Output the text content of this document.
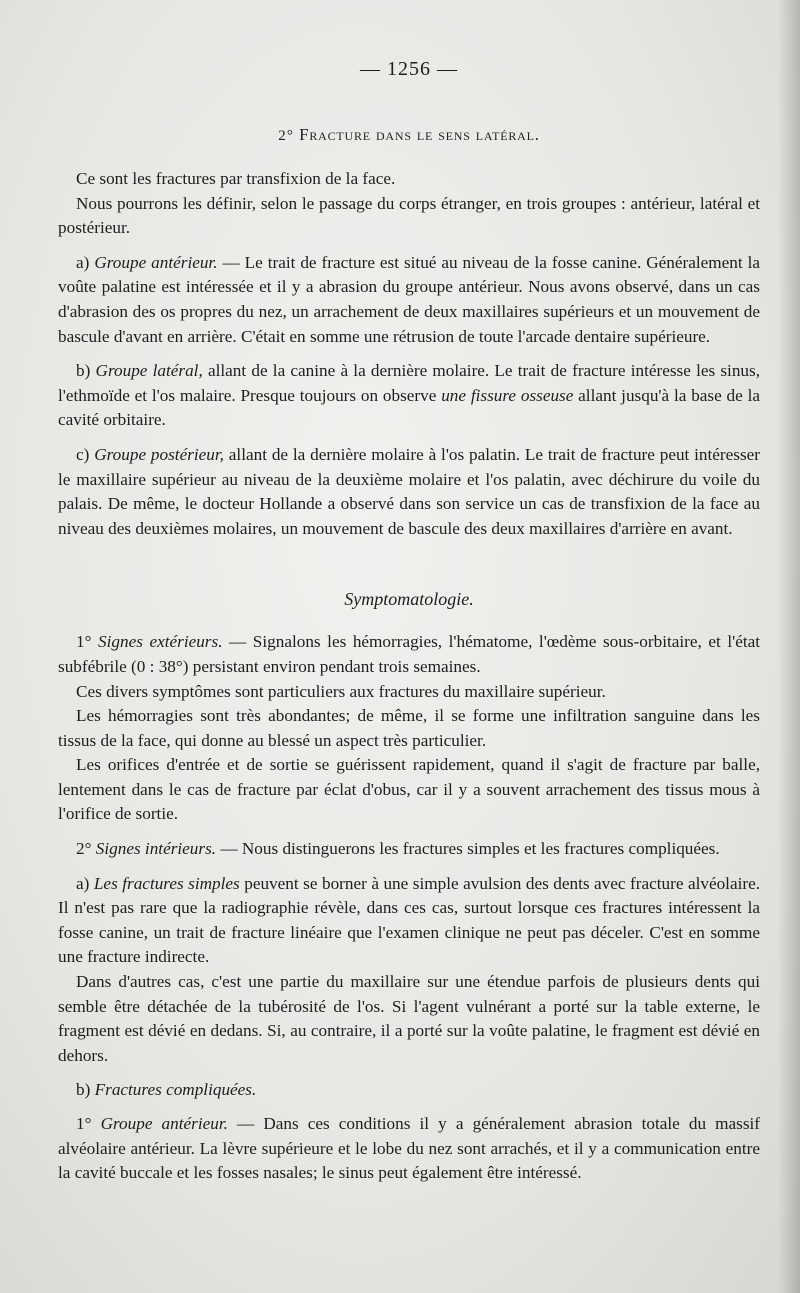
— 1256 —
2° Fracture dans le sens latéral.

Ce sont les fractures par transfixion de la face.

Nous pourrons les définir, selon le passage du corps étranger, en trois groupes : antérieur, latéral et postérieur.

a) Groupe antérieur. — Le trait de fracture est situé au niveau de la fosse canine. Généralement la voûte palatine est intéressée et il y a abrasion du groupe antérieur. Nous avons observé, dans un cas d'abrasion des os propres du nez, un arrachement de deux maxillaires supérieurs et un mouvement de bascule d'avant en arrière. C'était en somme une rétrusion de toute l'arcade dentaire supérieure.

b) Groupe latéral, allant de la canine à la dernière molaire. Le trait de fracture intéresse les sinus, l'ethmoïde et l'os malaire. Presque toujours on observe une fissure osseuse allant jusqu'à la base de la cavité orbitaire.

c) Groupe postérieur, allant de la dernière molaire à l'os palatin. Le trait de fracture peut intéresser le maxillaire supérieur au niveau de la deuxième molaire et l'os palatin, avec déchirure du voile du palais. De même, le docteur Hollande a observé dans son service un cas de transfixion de la face au niveau des deuxièmes molaires, un mouvement de bascule des deux maxillaires d'arrière en avant.

Symptomatologie.

1° Signes extérieurs. — Signalons les hémorragies, l'hématome, l'œdème sous-orbitaire, et l'état subfébrile (0 : 38°) persistant environ pendant trois semaines.

Ces divers symptômes sont particuliers aux fractures du maxillaire supérieur.

Les hémorragies sont très abondantes; de même, il se forme une infiltration sanguine dans les tissus de la face, qui donne au blessé un aspect très particulier.

Les orifices d'entrée et de sortie se guérissent rapidement, quand il s'agit de fracture par balle, lentement dans le cas de fracture par éclat d'obus, car il y a souvent arrachement des tissus mous à l'orifice de sortie.

2° Signes intérieurs. — Nous distinguerons les fractures simples et les fractures compliquées.

a) Les fractures simples peuvent se borner à une simple avulsion des dents avec fracture alvéolaire. Il n'est pas rare que la radiographie révèle, dans ces cas, surtout lorsque ces fractures intéressent la fosse canine, un trait de fracture linéaire que l'examen clinique ne peut pas déceler. C'est en somme une fracture indirecte.

Dans d'autres cas, c'est une partie du maxillaire sur une étendue parfois de plusieurs dents qui semble être détachée de la tubérosité de l'os. Si l'agent vulnérant a porté sur la table externe, le fragment est dévié en dedans. Si, au contraire, il a porté sur la voûte palatine, le fragment est dévié en dehors.

b) Fractures compliquées.

1° Groupe antérieur. — Dans ces conditions il y a généralement abrasion totale du massif alvéolaire antérieur. La lèvre supérieure et le lobe du nez sont arrachés, et il y a communication entre la cavité buccale et les fosses nasales; le sinus peut également être intéressé.
